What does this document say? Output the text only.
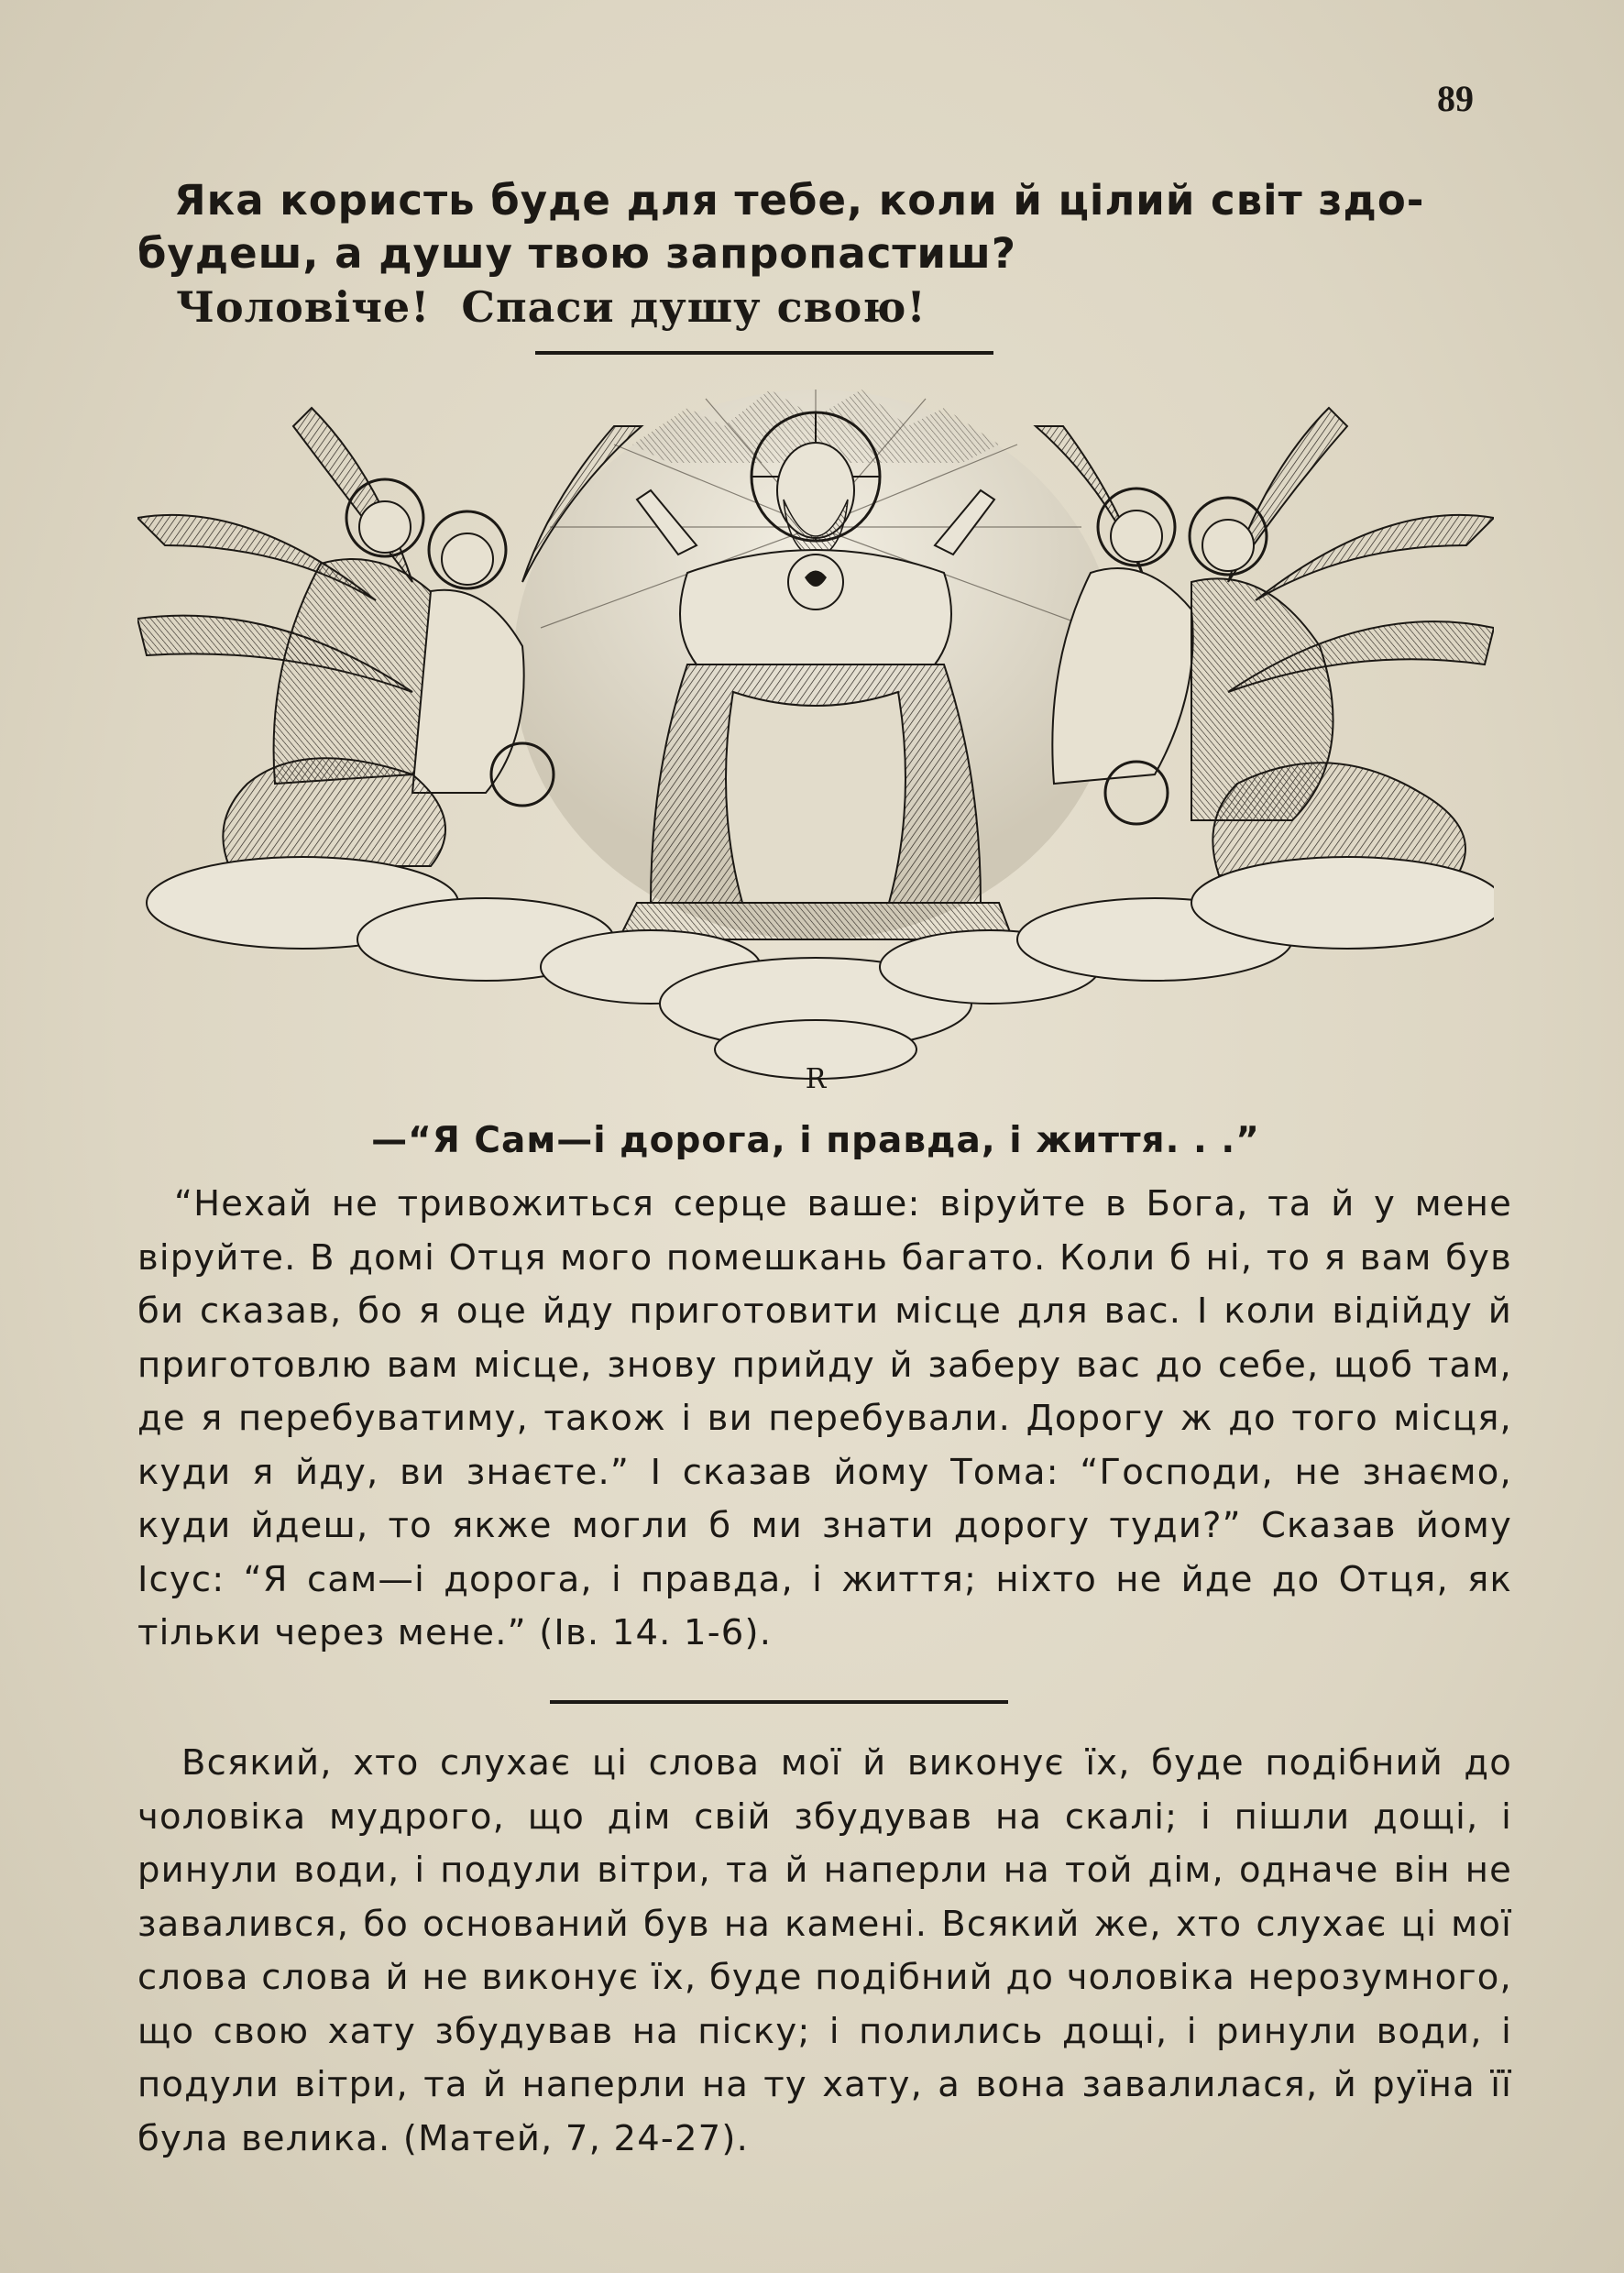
89
Яка користь буде для тебе, коли й цілий світ здо-
будеш, а душу твою запропастиш?
Чоловіче!  Спаси душу свою!
R
—“Я Сам—і дорога, і правда, і життя. . .”
“Нехай не тривожиться серце ваше: віруйте в Бога, та й у мене віруйте. В домі Отця мого помешкань багато. Коли б ні, то я вам був би сказав, бо я оце йду приготовити місце для вас. І коли відійду й приготовлю вам місце, знову прийду й заберу вас до себе, щоб там, де я перебуватиму, також і ви перебували. Дорогу ж до того місця, куди я йду, ви знаєте.” І сказав йому Тома: “Господи, не знаємо, куди йдеш, то якже могли б ми знати дорогу туди?” Сказав йому Ісус: “Я сам—і дорога, і правда, і життя; ніхто не йде до Отця, як тільки через мене.” (Ів. 14. 1-6).
Всякий, хто слухає ці слова мої й виконує їх, буде подібний до чоловіка мудрого, що дім свій збудував на скалі; і пішли дощі, і ринули води, і подули вітри, та й наперли на той дім, одначе він не завалився, бо оснований був на камені. Всякий же, хто слухає ці мої слова слова й не виконує їх, буде подібний до чоловіка нерозумного, що свою хату збудував на піску; і полились дощі, і ринули води, і подули вітри, та й наперли на ту хату, а вона завалилася, й руїна її була велика. (Матей, 7, 24-27).
